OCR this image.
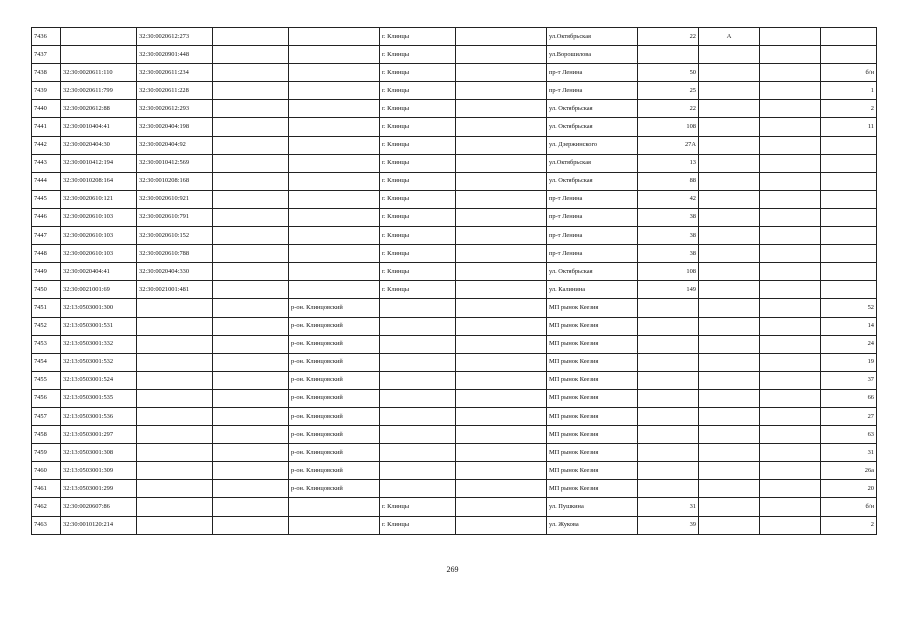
7436		32:30:0020612:273			г. Клинцы		ул.Октябрьская	22	А		
7437		32:30:0020901:448			г. Клинцы		ул.Ворошилова				
7438	32:30:0020611:110	32:30:0020611:234			г. Клинцы		пр-т Ленина	50			б/н
7439	32:30:0020611:799	32:30:0020611:228			г. Клинцы		пр-т Ленина	25			1
7440	32:30:0020612:88	32:30:0020612:293			г. Клинцы		ул. Октябрьская	22			2
7441	32:30:0010404:41	32:30:0020404:198			г. Клинцы		ул. Октябрьская	108			11
7442	32:30:0020404:30	32:30:0020404:92			г. Клинцы		ул. Дзержинского	27А			
7443	32:30:0010412:194	32:30:0010412:569			г. Клинцы		ул.Октябрьская	13			
7444	32:30:0010208:164	32:30:0010208:168			г. Клинцы		ул. Октябрьская	88			
7445	32:30:0020610:121	32:30:0020610:921			г. Клинцы		пр-т Ленина	42			
7446	32:30:0020610:103	32:30:0020610:791			г. Клинцы		пр-т Ленина	38			
7447	32:30:0020610:103	32:30:0020610:152			г. Клинцы		пр-т Ленина	38			
7448	32:30:0020610:103	32:30:0020610:788			г. Клинцы		пр-т Ленина	38			
7449	32:30:0020404:41	32:30:0020404:330			г. Клинцы		ул. Октябрьская	108			
7450	32:30:0021001:69	32:30:0021001:481			г. Клинцы		ул. Калинина	149			
7451	32:13:0503001:300			р-он. Клинцовский			МП рынок Кеезия				52
7452	32:13:0503001:531			р-он. Клинцовский			МП рынок Кеезия				14
7453	32:13:0503001:332			р-он. Клинцовский			МП рынок Кеезия				24
7454	32:13:0503001:532			р-он. Клинцовский			МП рынок Кеезия				19
7455	32:13:0503001:524			р-он. Клинцовский			МП рынок Кеезия				37
7456	32:13:0503001:535			р-он. Клинцовский			МП рынок Кеезия				66
7457	32:13:0503001:536			р-он. Клинцовский			МП рынок Кеезия				27
7458	32:13:0503001:297			р-он. Клинцовский			МП рынок Кеезия				63
7459	32:13:0503001:308			р-он. Клинцовский			МП рынок Кеезия				31
7460	32:13:0503001:309			р-он. Клинцовский			МП рынок Кеезия				26а
7461	32:13:0503001:299			р-он. Клинцовский			МП рынок Кеезия				20
7462	32:30:0020607:86				г. Клинцы		ул. Пушкина	31			б/н
7463	32:30:0010120:214				г. Клинцы		ул. Жукова	39			2
269
